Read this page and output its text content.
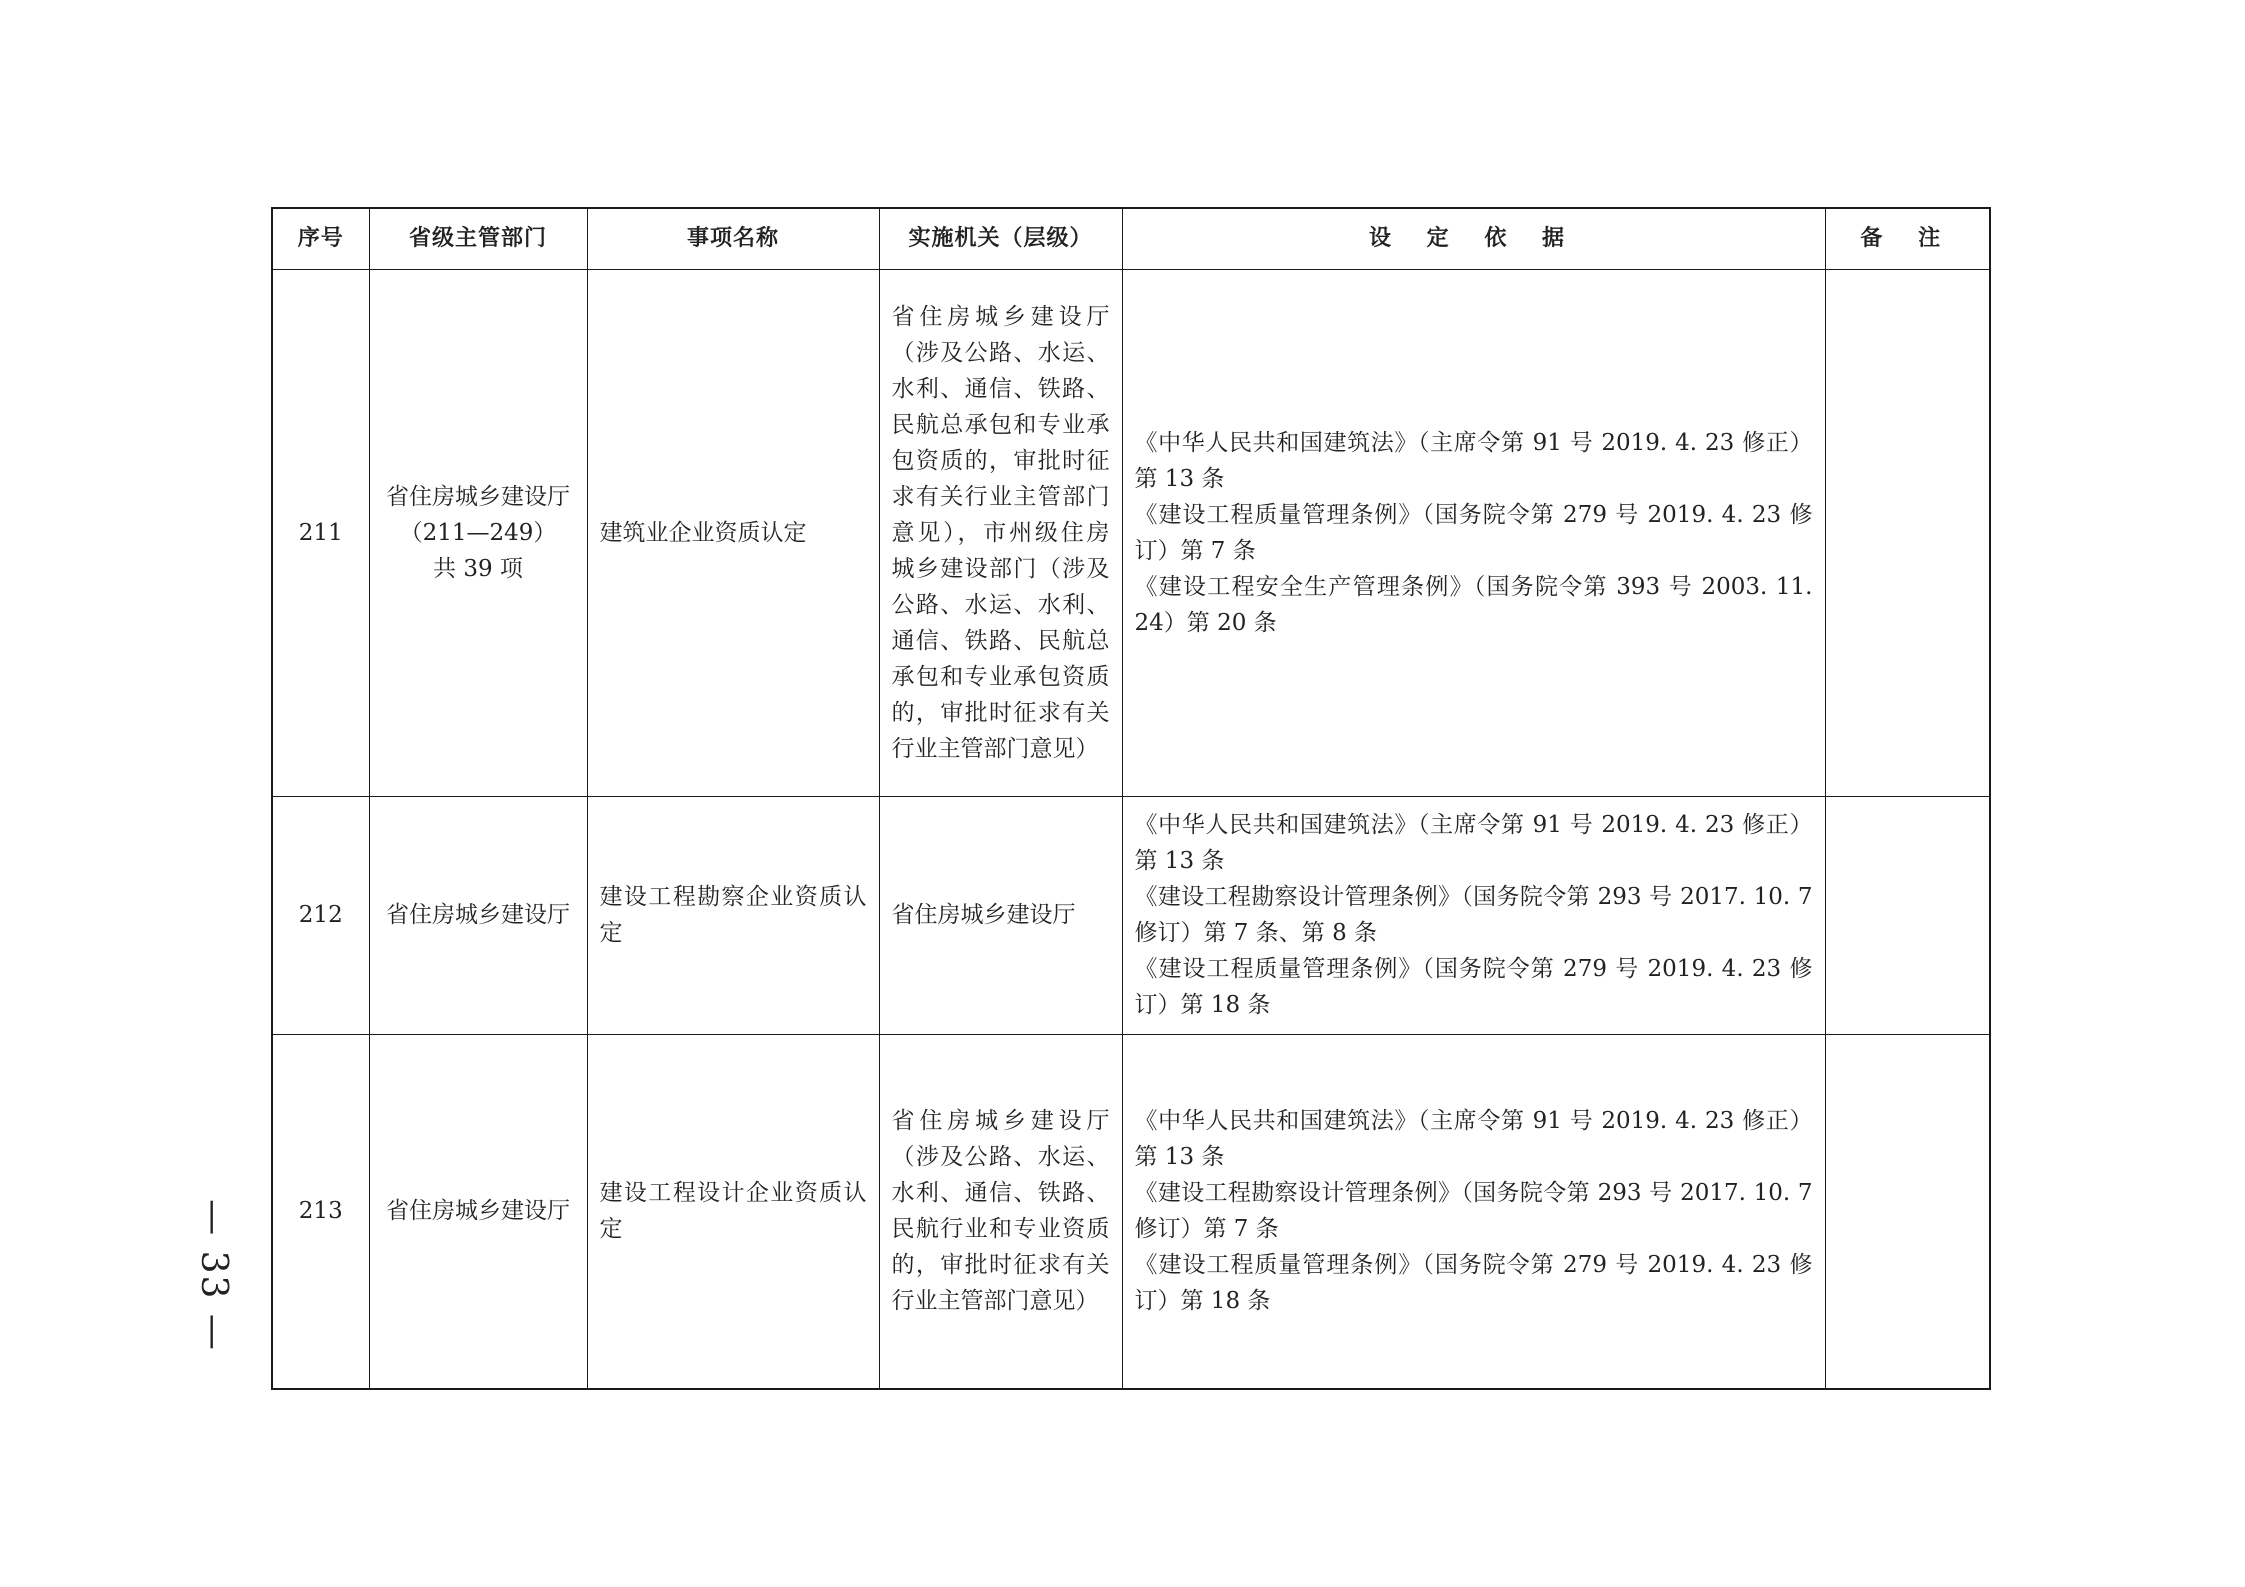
序号	省级主管部门	事项名称	实施机关（层级）	设 定 依 据	备 注
211	省住房城乡建设厅
（211—249）
共 39 项	建筑业企业资质认定	省住房城乡建设厅（涉及公路、水运、水利、通信、铁路、民航总承包和专业承包资质的，审批时征求有关行业主管部门意见），市州级住房城乡建设部门（涉及公路、水运、水利、通信、铁路、民航总承包和专业承包资质的，审批时征求有关行业主管部门意见）	《中华人民共和国建筑法》（主席令第 91 号 2019. 4. 23 修正）第 13 条
《建设工程质量管理条例》（国务院令第 279 号 2019. 4. 23 修订）第 7 条
《建设工程安全生产管理条例》（国务院令第 393 号 2003. 11. 24）第 20 条	

212	省住房城乡建设厅	建设工程勘察企业资质认定	省住房城乡建设厅	《中华人民共和国建筑法》（主席令第 91 号 2019. 4. 23 修正）第 13 条
《建设工程勘察设计管理条例》（国务院令第 293 号 2017. 10. 7 修订）第 7 条、第 8 条
《建设工程质量管理条例》（国务院令第 279 号 2019. 4. 23 修订）第 18 条	

213	省住房城乡建设厅	建设工程设计企业资质认定	省住房城乡建设厅（涉及公路、水运、水利、通信、铁路、民航行业和专业资质的，审批时征求有关行业主管部门意见）	《中华人民共和国建筑法》（主席令第 91 号 2019. 4. 23 修正）第 13 条
《建设工程勘察设计管理条例》（国务院令第 293 号 2017. 10. 7 修订）第 7 条
《建设工程质量管理条例》（国务院令第 279 号 2019. 4. 23 修订）第 18 条	

— 33 —
